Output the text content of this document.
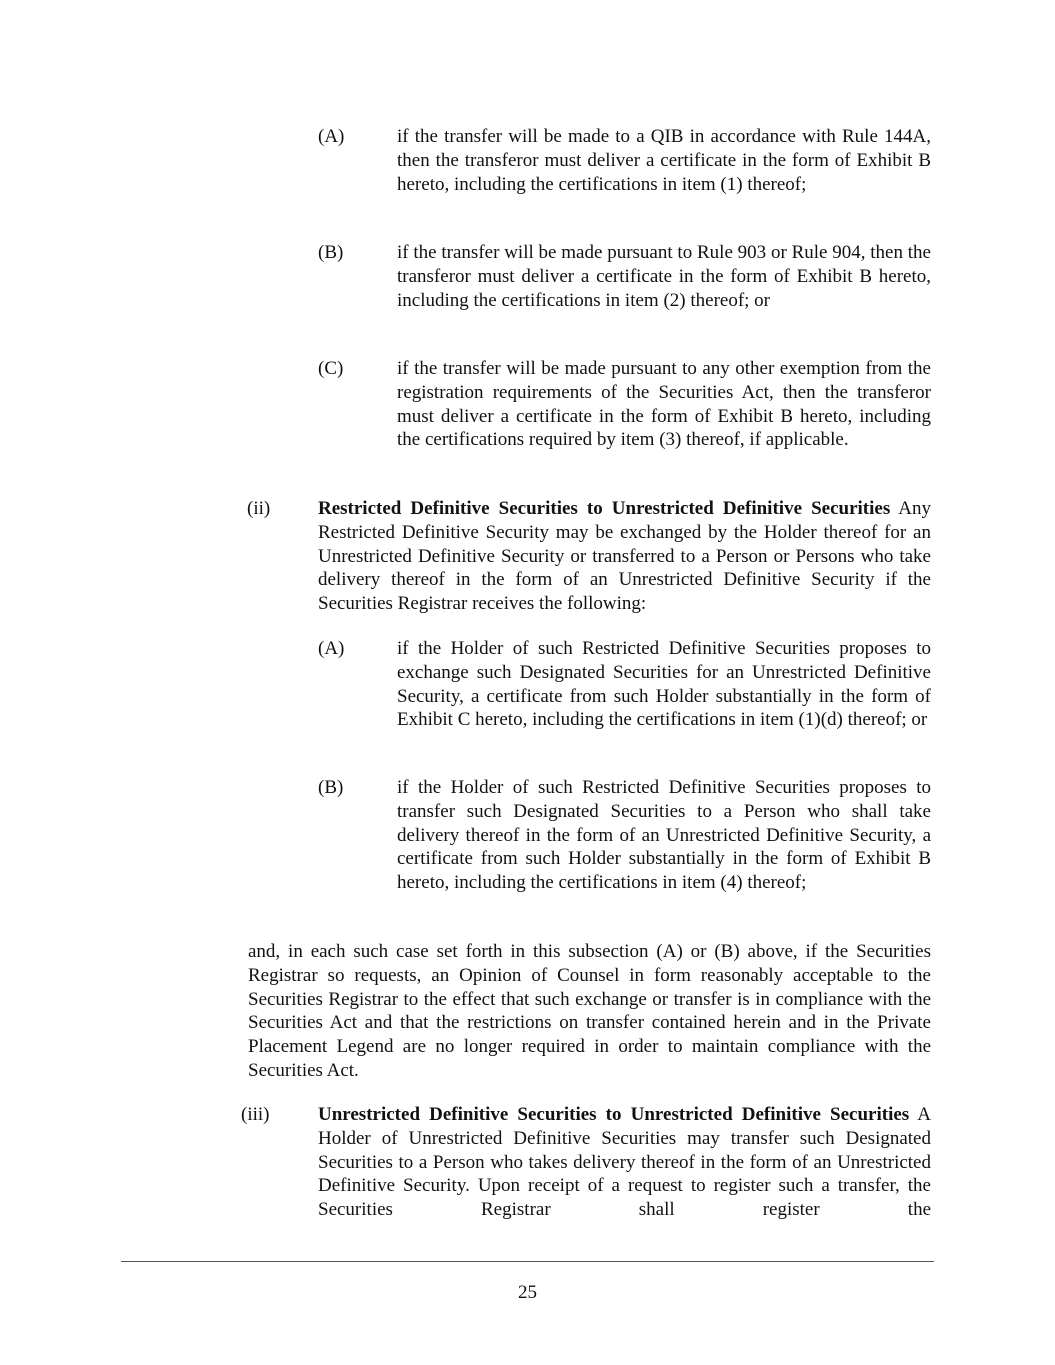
(A)	if the transfer will be made to a QIB in accordance with Rule 144A, then the transferor must deliver a certificate in the form of Exhibit B hereto, including the certifications in item (1) thereof;

(B)	if the transfer will be made pursuant to Rule 903 or Rule 904, then the transferor must deliver a certificate in the form of Exhibit B hereto, including the certifications in item (2) thereof; or

(C)	if the transfer will be made pursuant to any other exemption from the registration requirements of the Securities Act, then the transferor must deliver a certificate in the form of Exhibit B hereto, including the certifications required by item (3) thereof, if applicable.

(ii)	Restricted Definitive Securities to Unrestricted Definitive Securities Any Restricted Definitive Security may be exchanged by the Holder thereof for an Unrestricted Definitive Security or transferred to a Person or Persons who take delivery thereof in the form of an Unrestricted Definitive Security if the Securities Registrar receives the following:

(A)	if the Holder of such Restricted Definitive Securities proposes to exchange such Designated Securities for an Unrestricted Definitive Security, a certificate from such Holder substantially in the form of Exhibit C hereto, including the certifications in item (1)(d) thereof; or

(B)	if the Holder of such Restricted Definitive Securities proposes to transfer such Designated Securities to a Person who shall take delivery thereof in the form of an Unrestricted Definitive Security, a certificate from such Holder substantially in the form of Exhibit B hereto, including the certifications in item (4) thereof;

and, in each such case set forth in this subsection (A) or (B) above, if the Securities Registrar so requests, an Opinion of Counsel in form reasonably acceptable to the Securities Registrar to the effect that such exchange or transfer is in compliance with the Securities Act and that the restrictions on transfer contained herein and in the Private Placement Legend are no longer required in order to maintain compliance with the Securities Act.

(iii)	Unrestricted Definitive Securities to Unrestricted Definitive Securities A Holder of Unrestricted Definitive Securities may transfer such Designated Securities to a Person who takes delivery thereof in the form of an Unrestricted Definitive Security. Upon receipt of a request to register such a transfer, the Securities Registrar shall register the

25
